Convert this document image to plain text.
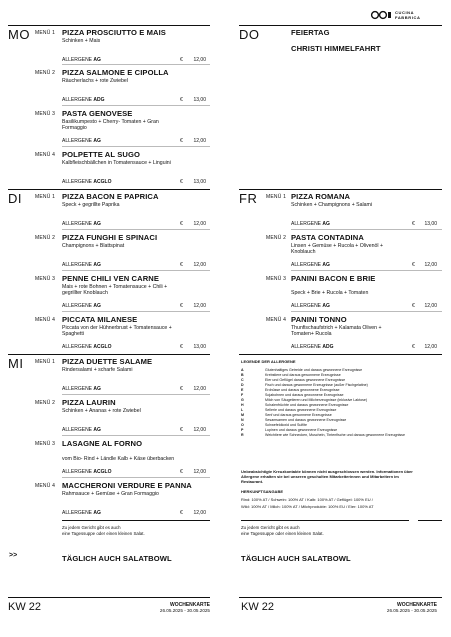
CUCINA FABBRICA
MO MENÜ 1 PIZZA PROSCIUTTO E MAIS
Schinken + Mais
ALLERGENE AG	€	12,00
MENÜ 2 PIZZA SALMONE E CIPOLLA
Räucherlachs + rote Zwiebel
ALLERGENE ADG	€	13,00
MENÜ 3 PASTA GENOVESE
Basilikumpesto + Cherry- Tomaten + Gran Formaggio
ALLERGENE AG	€	12,00
MENÜ 4 POLPETTE AL SUGO
Kalbfleischbällchen in Tomatensauce + Linguini
ALLERGENE ACGLO	€	13,00
DI	MENÜ 1 PIZZA BACON E PAPRICA
Speck + gegrillte Paprika
ALLERGENE AG	€	12,00
MENÜ 2 PIZZA FUNGHI E SPINACI
Champignons + Blattspinat
ALLERGENE AG	€	12,00
MENÜ 3 PENNE CHILI VEN CARNE
Mais + rote Bohnen + Tomatensauce + Chili + gegrillter Knoblauch
ALLERGENE AG	€	12,00
MENÜ 4 PICCATA MILANESE
Piccata von der Hühnerbrust + Tomatensauce + Spaghetti
ALLERGENE ACGLO	€	13,00
MI MENÜ 1 PIZZA DUETTE SALAME
Rindersalami + scharfe Salami
ALLERGENE AG	€	12,00
MENÜ 2 PIZZA LAURIN
Schinken + Ananas + rote Zwiebel
ALLERGENE AG	€	12,00
MENÜ 3 LASAGNE AL FORNO
vom Bio- Rind + Ländle Kalb + Käse überbacken
ALLERGENE ACGLO	€	12,00
MENÜ 4 MACCHERONI VERDURE E PANNA
Rahmsauce + Gemüse + Gran Formaggio
ALLERGENE AG	€	12,00
Zu jedem Gericht gibt es auch
eine Tagessuppe oder einen kleinen Salat.
>>	TÄGLICH AUCH SALATBOWL
KW 22	WOCHENKARTE
26.05.2025 - 30.05.2025
DO	FEIERTAG
CHRISTI HIMMELFAHRT
FR MENÜ 1 PIZZA ROMANA
Schinken + Champignons + Salami
ALLERGENE AG	€	13,00
MENÜ 2 PASTA CONTADINA
Linsen + Gemüse + Rucola + Olivenöl + Knoblauch
ALLERGENE AG	€	12,00
MENÜ 3 PANINI BACON E BRIE
Speck + Brie + Rucola + Tomaten
ALLERGENE AG	€	12,00
MENÜ 4 PANINI TONNO
Thunfischaufstrich + Kalamata Oliven + Tomaten+ Rucola
ALLERGENE ADG	€	12,00
LEGENDE DER ALLERGENE
A	Glutenhaltiges Getreide und daraus gewonnene Erzeugnisse
B	Krebstiere und daraus gewonnene Erzeugnisse
C	Eier und Geflügel daraus gewonnene Erzeugnisse
D	Fisch und daraus gewonnene Erzeugnisse (außer Fischgelatine)
E	Erdnüsse und daraus gewonnene Erzeugnisse
F	Sojabohnen und daraus gewonnene Erzeugnisse
G	Milch von Säugetieren und Milcherzeugnisse (inklusive Laktose)
H	Schalenfrüchte und daraus gewonnene Erzeugnisse
L	Sellerie und daraus gewonnene Erzeugnisse
M	Senf und daraus gewonnene Erzeugnisse
N	Sesamsamen und daraus gewonnene Erzeugnisse
O	Schwefeldioxid und Sulfite
P	Lupinen und daraus gewonnene Erzeugnisse
R	Weichtiere wie Schnecken, Muscheln, Tintenfische und daraus gewonnene Erzeugnisse
Unbeabsichtigte Kreuzkontakte können nicht ausgeschlossen werden. Informationen über Allergene erhalten sie bei unseren geschulten Mitarbeiterinnen und Mitarbeitern im Restaurant.
HERKUNFTSANGABE
Rind: 100% AT / Schwein: 100% AT / Kalb: 100% AT / Geflügel: 100% EU /
Wild: 100% AT / Milch: 100% AT / Milchprodukte: 100% EU / Eier: 100% AT
Zu jedem Gericht gibt es auch
eine Tagessuppe oder einen kleinen Salat.
TÄGLICH AUCH SALATBOWL
KW 22	WOCHENKARTE
26.05.2025 - 30.05.2025
